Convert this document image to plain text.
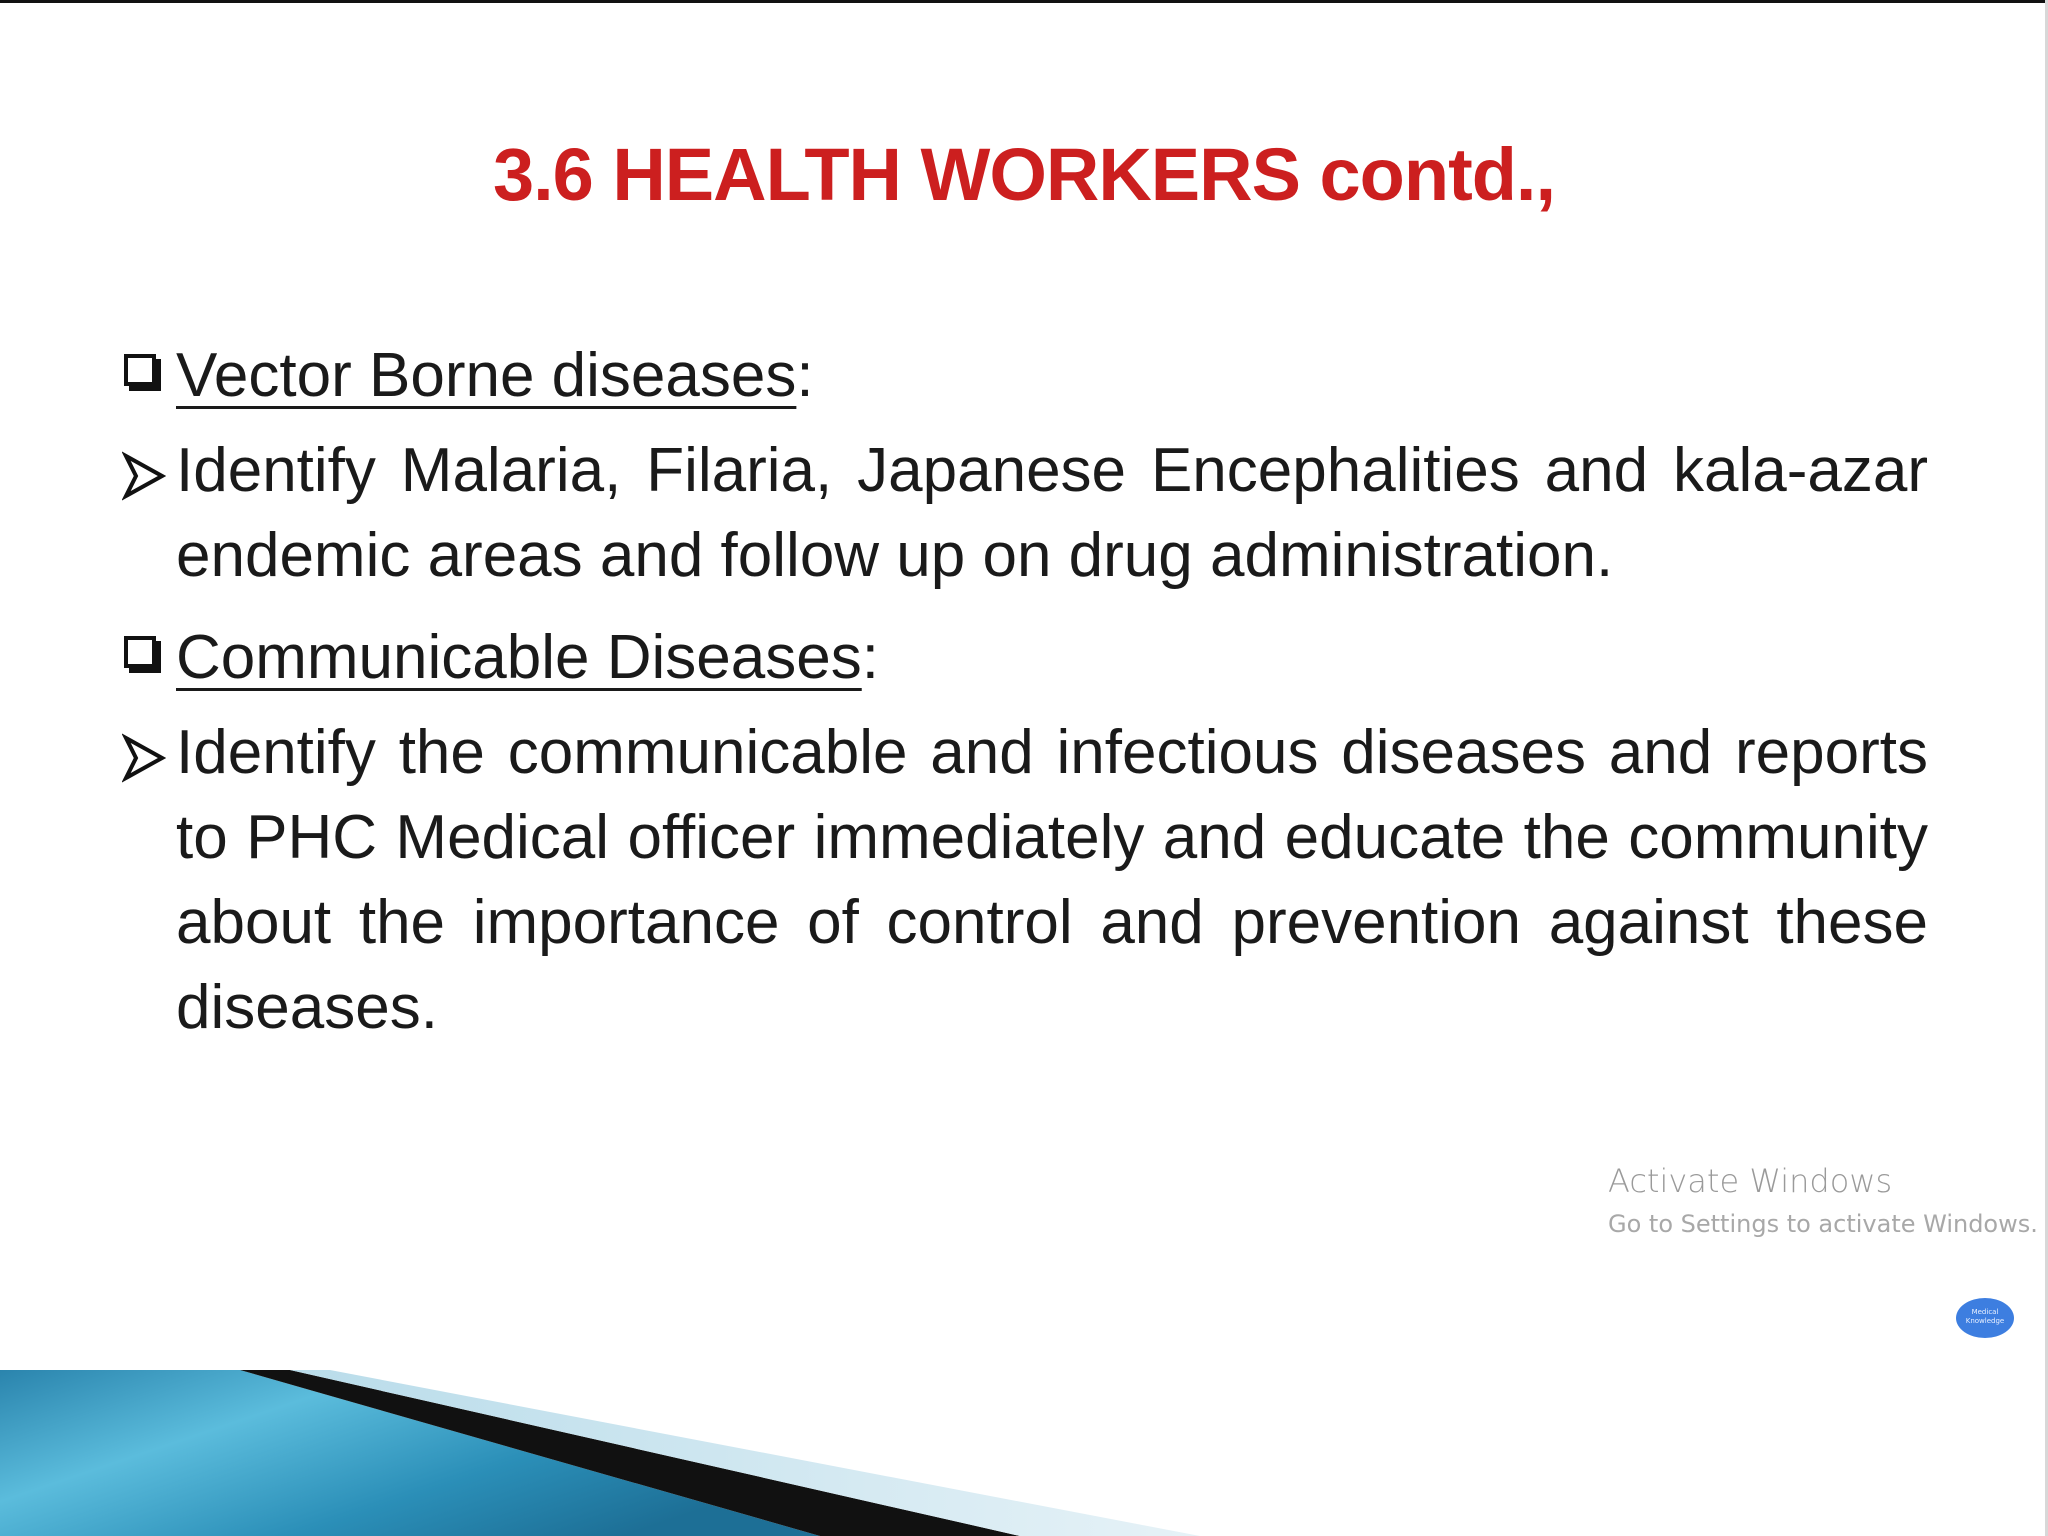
3.6 HEALTH WORKERS contd.,
Vector Borne diseases:
Identify Malaria, Filaria, Japanese Encephalities and kala-azar endemic areas and follow up on drug administration.
Communicable Diseases:
Identify the communicable and infectious diseases and reports to PHC Medical officer immediately and educate the community about the importance of control and prevention against these diseases.
Activate Windows
Go to Settings to activate Windows.
Medical Knowledge
